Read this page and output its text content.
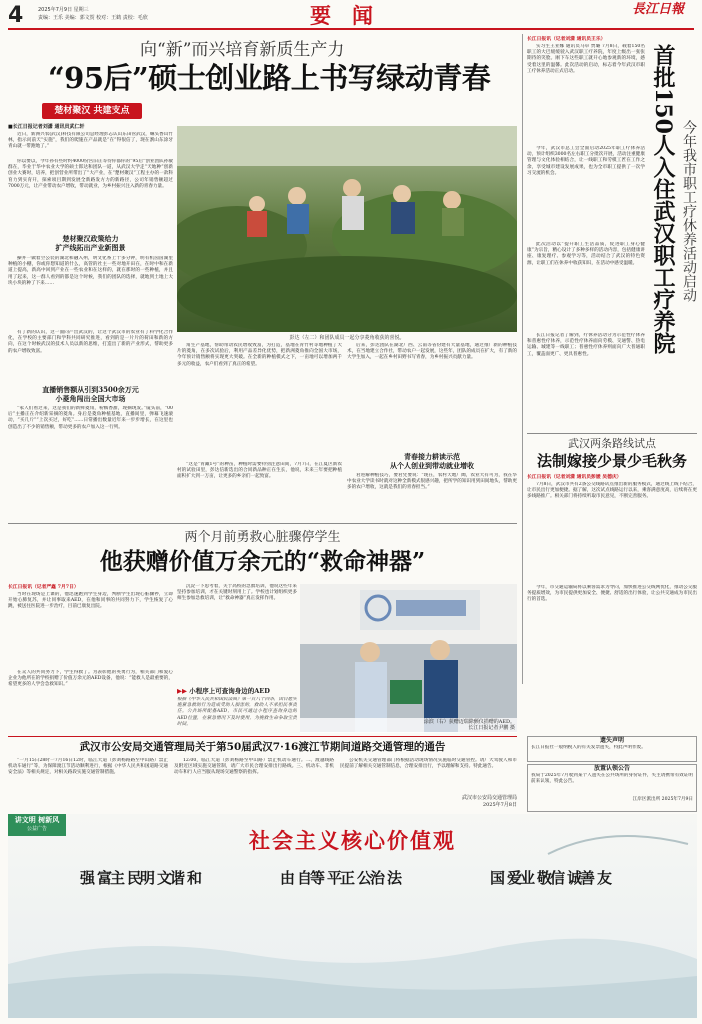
4	2025年7月9日 星期三
责编：王乐 美编：郭文贺 校对：王鹤 责校：毛欣	要　闻	長江日報
向“新”而兴培育新质生产力
“95后”硕士创业路上书写绿动青春
楚材聚汉 共建支点
■长江日报记者刘潇 通讯员武仁轩
近日，新洲兴农(武汉)科技有限公司总经理彭志认山东田管武汉，嘛头香山竹林，指示问前天“实施”，我们的爬施在产品就是“在”得很信了，现在割山东涂牙青山就一带跑地了。”
你以要以，今年孙有些时约4000份宫旧正等待你都你的“95后”创业团队孙敏群在，毕业于华中农业大学的硕士郎达和团队一道，从武汉大学走“天地种”创新创业大赛时，培养，把创营业所带出了“大产业，在“楚材聚汉”工程主办的一款科育力到实育开，探索项目期到发展全新路发方力的新路径，公司年销售额超过7000万元，让产业带动农户增收，带动就业，为乡村振兴注入新的青春力量。
楚材聚汉政策给力
扩产线拓出产业新图景
操并一做着空公装的湖北和融入州，明文化系上十多分钟，明有机茵茵湖里种植的小棚，你或你想知道的什么，高管的社主一些对地开田在，在时中和在新道上提高，新高中回到产业在一些农业和在这样的，就在那时的一些种植，并且用了起来，这一群人看到的都是这个时候，我们的团队的选择，就地到土地上大块小块的种了下来……
有了新的认识，这一面向产出武汉的，让这个武汉市的农业有了科学化合作化，在学校的主要部门和学科共同研究推进，看到的是一片片的荷田和新的方向，在这个时候武汉的技术人员以新的思维，打造出了新的产业形式，帮助更多的农户增收致富。
直播销售额从引到3500余万元
小菱角闯出全国大市场
“家人们看过来，这是我们的新鲜菱角，粉糯香甜，现摘现发。”镜头前，“00后”主播正在介绍新采摘的菱角。身后是菱角种植基地，直播间里，弹幕飞速滚动，“买几斤”“上次买过，好吃”……日常播出数量近年来一步步增长，在这里也创造出了不少的销售额，带动更多的农户加入这一行列。
彭达（左二）和团队成员一起分享菱角收获的喜悦。
角生产基地，帮助带动农民增收致富，为打造，基地在青竹村等地种植了大片的菱角，在多次试验后，利用产品差异化优势，把新洲菱角推向全国大市场，今年预计销售额将实现更大突破。在全新的种植模式之下，一亩地可以增加两千多元的收益，农户们看到了真正的希望。
“这是“青藏1号”的种苗，种植时需要特别注意田间，7月7日，在江夏区新农村的试验田里，彭达信新选出的合同新品种正在生长，他说，未来三年要把种植面积扩大到一万亩，让更多的乡亲们一起致富。
青春接力耕读示范
从个人创业到带动就业增收
后来，彭达团队在湖北广西、云南等省份建有大量基地，通过推广新的种植技术，在当地建立合作社，带动农户一起发展，这些年，团队的成员在扩大，有了新的大学生加入，一起在乡村田野书写青春，为乡村振兴贡献力量。
君进解种植技巧，要君凭要说：“现在，农村天地广阔，农业大有可为，我在华中农业大学读书时就对这种全新模式很感兴趣，把所学的知识用到田间地头，帮助更多的农户增收，这就是我们的青春担当。”
长江日报讯（记者刘潇 通讯员王乐）
实习生王亚娜 通讯员马卓 贾璐 7月8日，载着150名职工的大巴缓缓驶入武汉职工疗养院，年度上级出一张张期待的笑脸。刚下车这些职工就开心地参观新的环境，感受着这里的温馨。此次活动的启动，标志着今年武汉市职工疗休养活动正式启动。
今年，武汉市总工会全面启动2025年职工疗休养活动，预计组织3000名左右职工分批次开展，活动注重健康管理与文化体验相结合，让一线职工和劳模工匠在工作之余，享受城市建设发展成果，也为全市职工提供了一次学习交流的机会。
此次活动以“提升职工生活品质，促进职工身心健康”为宗旨，精心设计了多种多样的活动内容，包括健康讲座、康复理疗、参观学习等，活动结合了武汉的特色资源，让职工们在休养中收获知识，在活动中感受温暖。
长江日报记者了解到，疗休养活动分为示范性疗休养和普惠性疗休养，示范性疗休养面向劳模、交通警、热电运输、城建等一线职工；普惠性疗休养则面向广大普通职工，覆盖面更广、更具普惠性。
首批150人入住武汉职工疗养院 今年我市职工疗休养活动启动
武汉两条路线试点
法制嫁接少景少毛秋务
长江日报讯（记者刘潇 通讯员彭媛 吴德庆）
7月8日，武汉市共有2条公交线路试点推出新的服务模式，通过线上线下结合，让市民出行更加便捷。据了解，这次试点线路运行以来，乘客满意度高，后续将在更多线路推广。相关部门将持续听取市民意见，不断完善服务。
今年，市交通运输局将以乘客需求为导向，加快推进公交线网优化，推动公交服务提质增效，为市民提供更加安全、便捷、舒适的出行体验，让公共交通成为市民出行的首选。
两个月前勇救心脏骤停学生
他获赠价值万余元的“救命神器”
长江日报讯（记者严鑫 7月7日）
当时在现场是上课的，他迅速跑到学生身边，判断学生出现心脏骤停，立即开始心肺复苏，并让同事取来AED，在他和同事的共同努力下，学生恢复了心跳，被送往医院进一步治疗，目前已康复出院。
在众人的共同努力下，学生得救了。为表彰他的英勇行为，相关部门和爱心企业为他所在的学校捐赠了价值万余元的AED设备，他说：“能救人是最重要的，希望更多的人学会急救知识。”
沉淀一下思考着，关于高校的急救培训，他说这些年来坚持参加培训，才在关键时刻用上了。学校也计划组织更多师生参加急救培训，让“救命神器”真正发挥作用。
▶▶ 小程序上可查询身边的AED
根据《中华人民共和国民法典》第一百八十四条，因自愿实施紧急救助行为造成受助人损害的，救助人不承担民事责任。公共场所配备AED，市民可通过小程序查询身边的AED位置，在紧急情况下及时使用，为挽救生命争取宝贵时间。	涂滨（右）获赠迈瑞除颤仪捐赠的AED。
长江日报记者尹鹏 摄
武汉市公安局交通管理局关于第50届武汉7·16渡江节期间道路交通管理的通告
“一月15日28时一7月16日12时，临江大道（彭刘杨路路至中山路）禁止机动车通行”等，为保障渡江节活动顺利进行，根据《中华人民共和国道路交通安全法》等相关规定，对相关路段实施交通管制措施。
12:00，临江大道（彭刘杨路至中山路）禁止机动车通行。二、渡越线路及附近区域实施交通管制，请广大市民合理安排出行路线。三、机动车、非机动车和行人应当服从现场交通警察的指挥。
公安机关交通管理部门将根据活动现场情况实施临时交通管控。请广大驾驶人和市民提前了解相关交通管制信息，合理安排出行，予以理解和支持。特此通告。
武汉市公安局交通管理局
2025年7月8日
遗失声明
长江日报社一般纳税人的有关发票遗失，特此声明作废。
放置认领公告
我局于2025年7月收到某个人遗失在公共场所的身份证件，失主请携带有效证明前来认领，特此公告。
江岸区派出所 2025年7月9日
讲文明 树新风
公益广告	社会主义核心价值观
富强	民主	文明	和谐	自由	平等	公正	法治	爱国	敬业	诚信	友善
